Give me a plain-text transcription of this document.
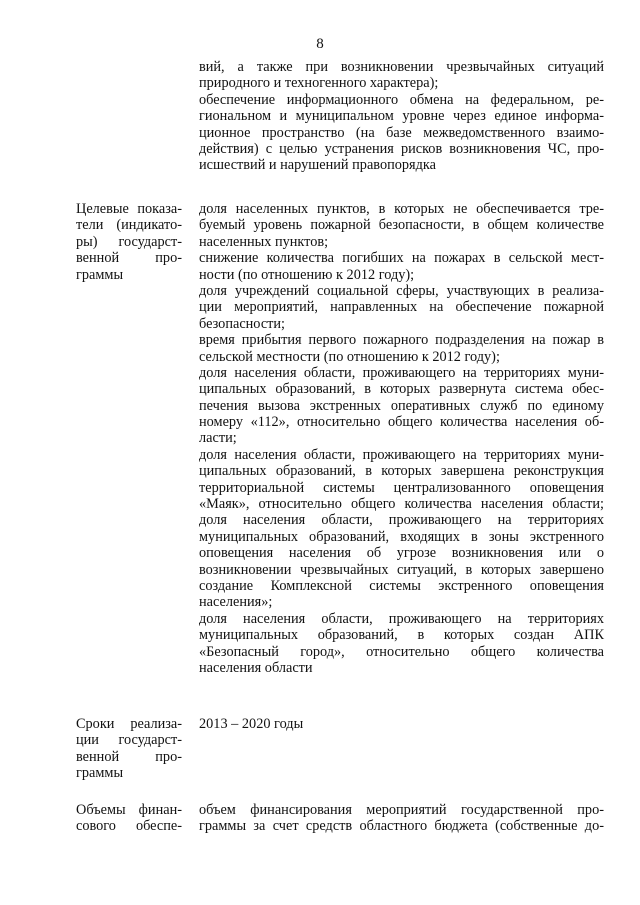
8
вий, а также при возникновении чрезвычайных ситуаций
природного и техногенного характера);
обеспечение информационного обмена на федеральном, ре-
гиональном и муниципальном уровне через единое информа-
ционное пространство (на базе межведомственного взаимо-
действия) с целью устранения рисков возникновения ЧС, про-
исшествий и нарушений правопорядка
Целевые показа-
тели (индикато-
ры) государст-
венной про-
граммы
доля населенных пунктов, в которых не обеспечивается тре-
буемый уровень пожарной безопасности, в общем количестве
населенных пунктов;
снижение количества погибших на пожарах в сельской мест-
ности (по отношению к 2012 году);
доля учреждений социальной сферы, участвующих в реализа-
ции мероприятий, направленных на обеспечение пожарной
безопасности;
время прибытия первого пожарного подразделения на пожар в
сельской местности (по отношению к 2012 году);
доля населения области, проживающего на территориях муни-
ципальных образований, в которых развернута система обес-
печения вызова экстренных оперативных служб по единому
номеру «112», относительно общего количества населения об-
ласти;
доля населения области, проживающего на территориях муни-
ципальных образований, в которых завершена реконструкция
территориальной системы централизованного оповещения
«Маяк», относительно общего количества населения области;
доля населения области, проживающего на территориях
муниципальных образований, входящих в зоны экстренного
оповещения населения об угрозе возникновения или о
возникновении чрезвычайных ситуаций, в которых завершено
создание Комплексной системы экстренного оповещения
населения»;
доля населения области, проживающего на территориях
муниципальных образований, в которых создан АПК
«Безопасный город», относительно общего количества
населения области
Сроки реализа-
ции государст-
венной про-
граммы
2013 – 2020 годы
Объемы финан-
сового обеспе-
объем финансирования мероприятий государственной про-
граммы за счет средств областного бюджета (собственные до-
